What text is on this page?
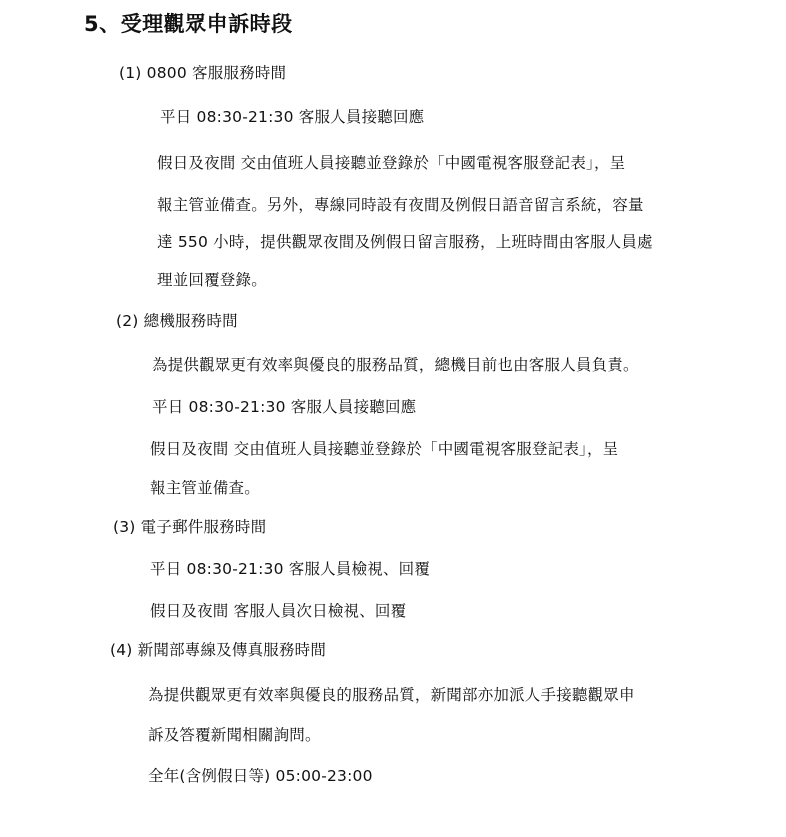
5、受理觀眾申訴時段
(1) 0800 客服服務時間
平日 08:30-21:30 客服人員接聽回應
假日及夜間 交由值班人員接聽並登錄於「中國電視客服登記表」，呈
報主管並備查。另外，專線同時設有夜間及例假日語音留言系統，容量
達 550 小時，提供觀眾夜間及例假日留言服務，上班時間由客服人員處
理並回覆登錄。
(2) 總機服務時間
為提供觀眾更有效率與優良的服務品質，總機目前也由客服人員負責。
平日 08:30-21:30 客服人員接聽回應
假日及夜間 交由值班人員接聽並登錄於「中國電視客服登記表」，呈
報主管並備查。
(3) 電子郵件服務時間
平日 08:30-21:30 客服人員檢視、回覆
假日及夜間 客服人員次日檢視、回覆
(4) 新聞部專線及傳真服務時間
為提供觀眾更有效率與優良的服務品質，新聞部亦加派人手接聽觀眾申
訴及答覆新聞相關詢問。
全年(含例假日等) 05:00-23:00
